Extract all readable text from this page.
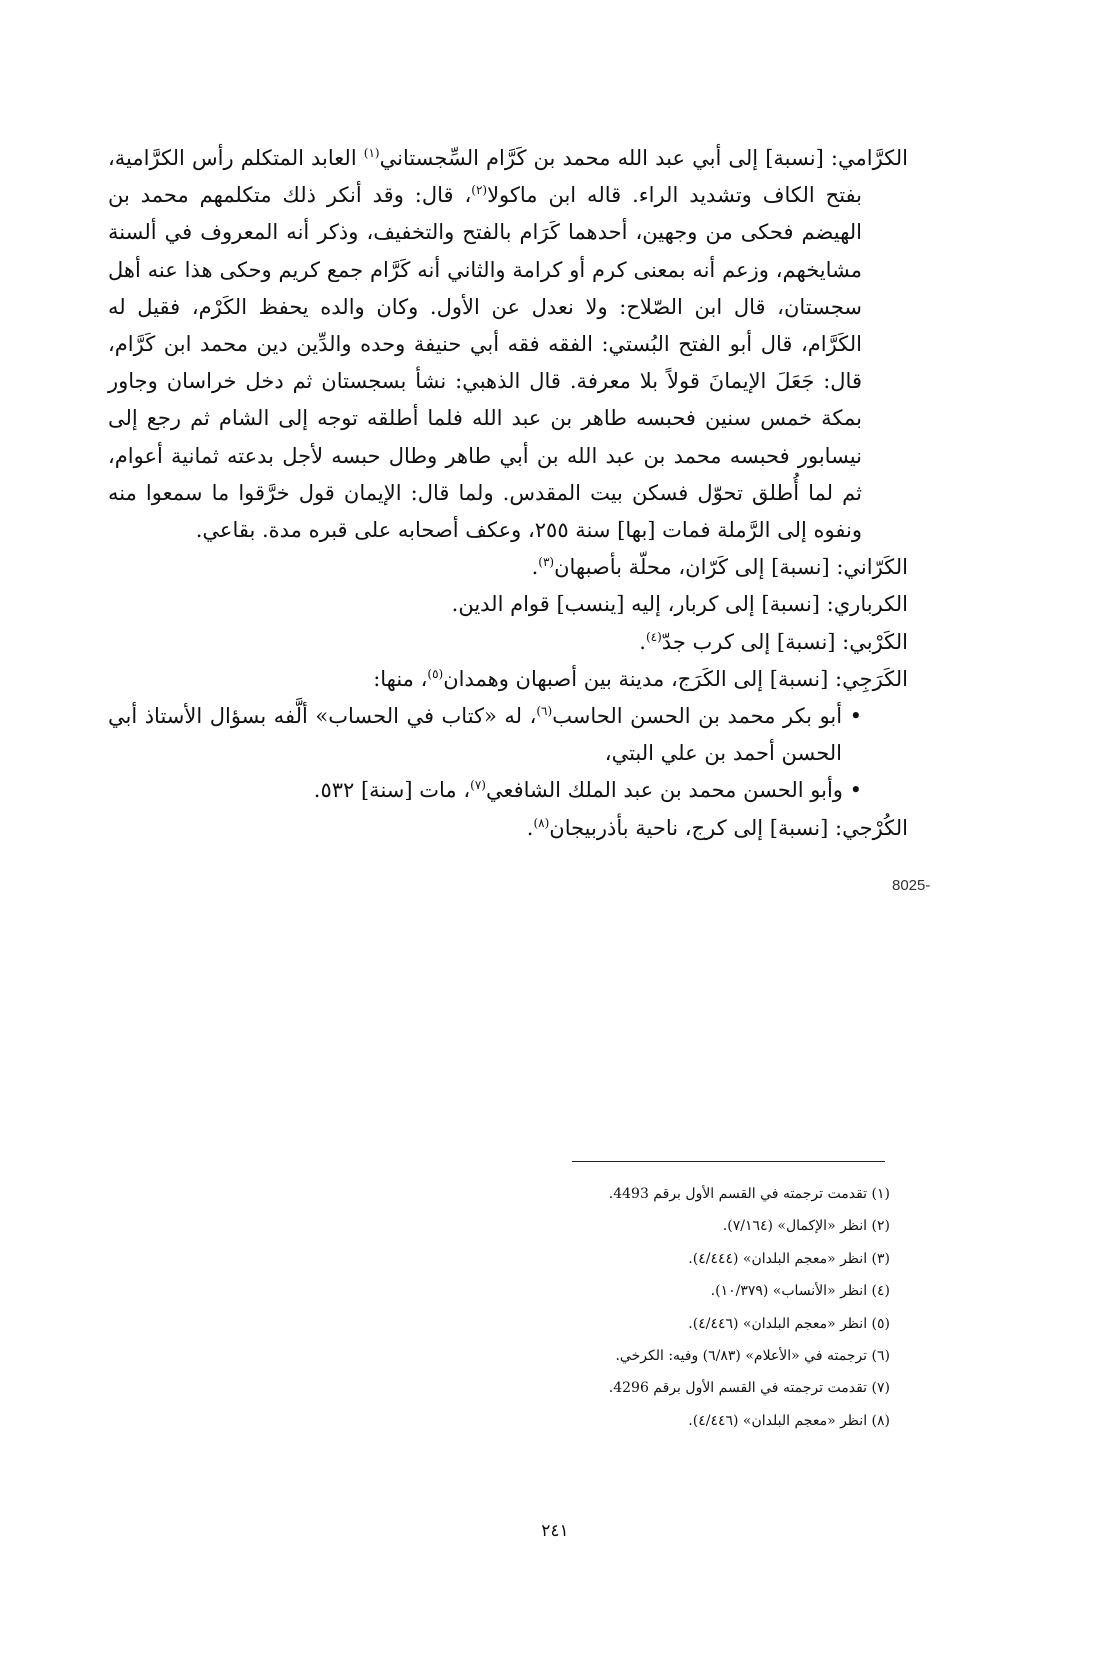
الكرَّامي: [نسبة] إلى أبي عبد الله محمد بن كَرَّام السِّجستاني$^{(١)}$ العابد المتكلم رأس الكرَّامية، بفتح الكاف وتشديد الراء. قاله ابن ماكولا$^{(٢)}$، قال: وقد أنكر ذلك متكلمهم محمد بن الهيضم فحكى من وجهين، أحدهما كَرَام بالفتح والتخفيف، وذكر أنه المعروف في ألسنة مشايخهم، وزعم أنه بمعنى كرم أو كرامة والثاني أنه كَرَّام جمع كريم وحكى هذا عنه أهل سجستان، قال ابن الصّلاح: ولا نعدل عن الأول. وكان والده يحفظ الكَرْم، فقيل له الكَرَّام، قال أبو الفتح البُستي: الفقه فقه أبي حنيفة وحده والدِّين دين محمد ابن كَرَّام، قال: جَعَلَ الإيمانَ قولاً بلا معرفة. قال الذهبي: نشأ بسجستان ثم دخل خراسان وجاور بمكة خمس سنين فحبسه طاهر بن عبد الله فلما أطلقه توجه إلى الشام ثم رجع إلى نيسابور فحبسه محمد بن عبد الله بن أبي طاهر وطال حبسه لأجل بدعته ثمانية أعوام، ثم لما أُطلق تحوّل فسكن بيت المقدس. ولما قال: الإيمان قول خرَّقوا ما سمعوا منه ونفوه إلى الرَّملة فمات [بها] سنة ٢٥٥، وعكف أصحابه على قبره مدة. بقاعي.

الكَرّاني: [نسبة] إلى كَرّان، محلّة بأصبهان$^{(٣)}$.

الكرباري: [نسبة] إلى كربار، إليه [ينسب] قوام الدين.

الكَرْبي: [نسبة] إلى كرب جدّ$^{(٤)}$.

الكَرَجِي: [نسبة] إلى الكَرَج، مدينة بين أصبهان وهمدان$^{(٥)}$، منها:

• أبو بكر محمد بن الحسن الحاسب$^{(٦)}$، له «كتاب في الحساب» ألَّفه بسؤال الأستاذ أبي الحسن أحمد بن علي البتي،

• وأبو الحسن محمد بن عبد الملك الشافعي$^{(٧)}$، مات [سنة] ٥٣٢.

الكُرْجي: [نسبة] إلى كرج، ناحية بأذربيجان$^{(٨)}$.

8025-

(١) تقدمت ترجمته في القسم الأول برقم 4493.

(٢) انظر «الإكمال» (٧/١٦٤).

(٣) انظر «معجم البلدان» (٤/٤٤٤).

(٤) انظر «الأنساب» (١٠/٣٧٩).

(٥) انظر «معجم البلدان» (٤/٤٤٦).

(٦) ترجمته في «الأعلام» (٦/٨٣) وفيه: الكرخي.

(٧) تقدمت ترجمته في القسم الأول برقم 4296.

(٨) انظر «معجم البلدان» (٤/٤٤٦).

٢٤١
